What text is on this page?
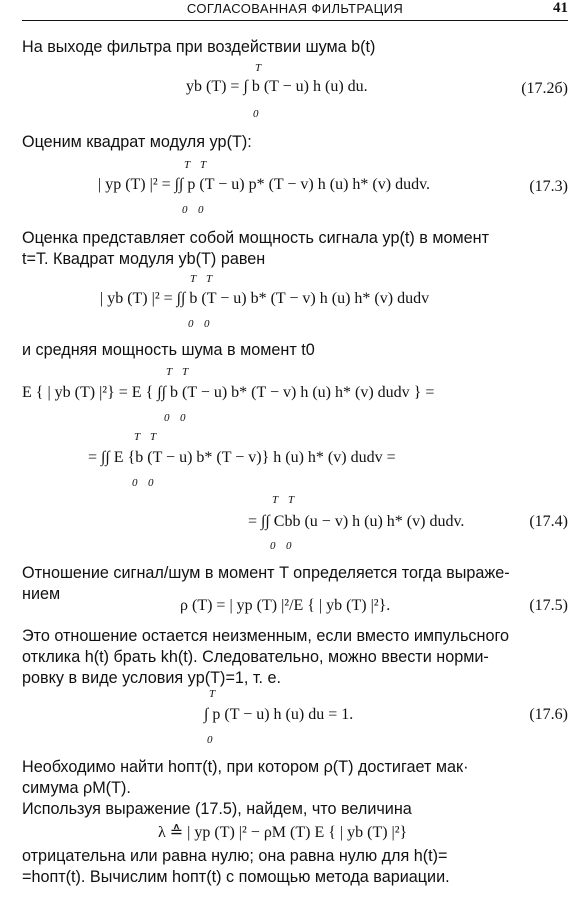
СОГЛАСОВАННАЯ ФИЛЬТРАЦИЯ	41
На выходе фильтра при воздействии шума b(t)
yb (T) = ∫ b (T − u) h (u) du.
T
0
(17.2б)
Оценим квадрат модуля yp(T):
| yp (T) |² = ∫∫ p (T − u) p* (T − v) h (u) h* (v) dudv.
T T
0 0
(17.3)
Оценка представляет собой мощность сигнала yp(t) в момент
t=T. Квадрат модуля yb(T) равен
| yb (T) |² = ∫∫ b (T − u) b* (T − v) h (u) h* (v) dudv
T T
0 0
и средняя мощность шума в момент t0
E { | yb (T) |²} = E { ∫∫ b (T − u) b* (T − v) h (u) h* (v) dudv } =
T T
0 0
= ∫∫ E {b (T − u) b* (T − v)} h (u) h* (v) dudv =
T T
0 0
= ∫∫ Cbb (u − v) h (u) h* (v) dudv.
T T
0 0
(17.4)
Отношение сигнал/шум в момент T определяется тогда выраже-
нием
ρ (T) = | yp (T) |²/E { | yb (T) |²}.	(17.5)
Это отношение остается неизменным, если вместо импульсного
отклика h(t) брать kh(t). Следовательно, можно ввести норми-
ровку в виде условия yp(T)=1, т. е.
∫ p (T − u) h (u) du = 1.
T
0
(17.6)
Необходимо найти hопт(t), при котором ρ(T) достигает мак·
симума ρM(T).
Используя выражение (17.5), найдем, что величина
λ ≙ | yp (T) |² − ρM (T) E { | yb (T) |²}
отрицательна или равна нулю; она равна нулю для h(t)=
=hопт(t). Вычислим hопт(t) с помощью метода вариации.
